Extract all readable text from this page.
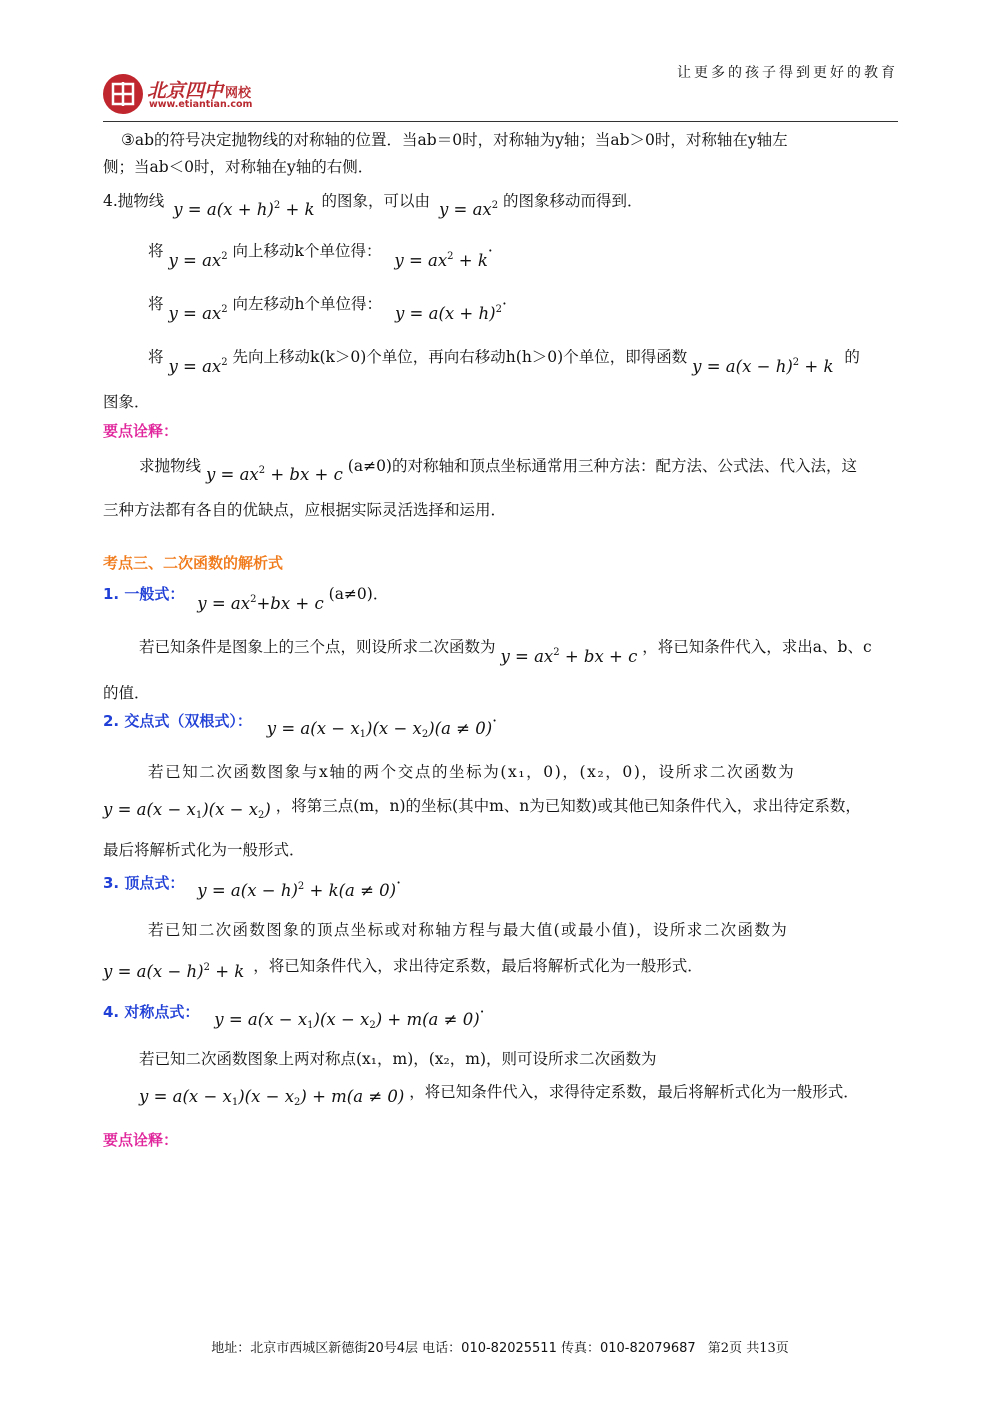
北京四中 网校
www.etiantian.com
让更多的孩子得到更好的教育
③ab的符号决定抛物线的对称轴的位置．当ab＝0时，对称轴为y轴；当ab＞0时，对称轴在y轴左
侧；当ab＜0时，对称轴在y轴的右侧．
4.抛物线 $y = a(x + h)^2 + k$ 的图象，可以由 $y = ax^2$ 的图象移动而得到．
将 $y = ax^2$ 向上移动k个单位得： $y = ax^2 + k\cdot$
将 $y = ax^2$ 向左移动h个单位得： $y = a(x + h)^2\cdot$
将 $y = ax^2$ 先向上移动k(k＞0)个单位，再向右移动h(h＞0)个单位，即得函数 $y = a(x - h)^2 + k$ 的
图象．
要点诠释：
求抛物线 $y = ax^2$ + bx + c (a≠0)的对称轴和顶点坐标通常用三种方法：配方法、公式法、代入法，这
三种方法都有各自的优缺点，应根据实际灵活选择和运用．
考点三、二次函数的解析式
1. 一般式： $y = ax^2+bx + c$ (a≠0)．
若已知条件是图象上的三个点，则设所求二次函数为 $y = ax^2$ + bx + c ，将已知条件代入，求出a、b、c
的值．
2. 交点式（双根式）： $y = a(x - x_1)(x - x_2)(a \ne 0)\cdot$
若已知二次函数图象与x轴的两个交点的坐标为(x₁，0)，(x₂，0)，设所求二次函数为
$y = a(x - x_1)(x - x_2)$ ，将第三点(m，n)的坐标(其中m、n为已知数)或其他已知条件代入，求出待定系数，
最后将解析式化为一般形式．
3. 顶点式： $y = a(x - h)^2 + k(a \ne 0)\cdot$
若已知二次函数图象的顶点坐标或对称轴方程与最大值(或最小值)，设所求二次函数为
$y = a(x - h)^2 + k$ ，将已知条件代入，求出待定系数，最后将解析式化为一般形式．
4. 对称点式： $y = a(x - x_1)(x - x_2) + m(a \ne 0)\cdot$
若已知二次函数图象上两对称点(x₁，m)，(x₂，m)，则可设所求二次函数为
$y = a(x - x_1)(x - x_2) + m(a \ne 0)$ ，将已知条件代入，求得待定系数，最后将解析式化为一般形式．
要点诠释：
地址：北京市西城区新德街20号4层 电话：010-82025511 传真：010-82079687 第2页 共13页
